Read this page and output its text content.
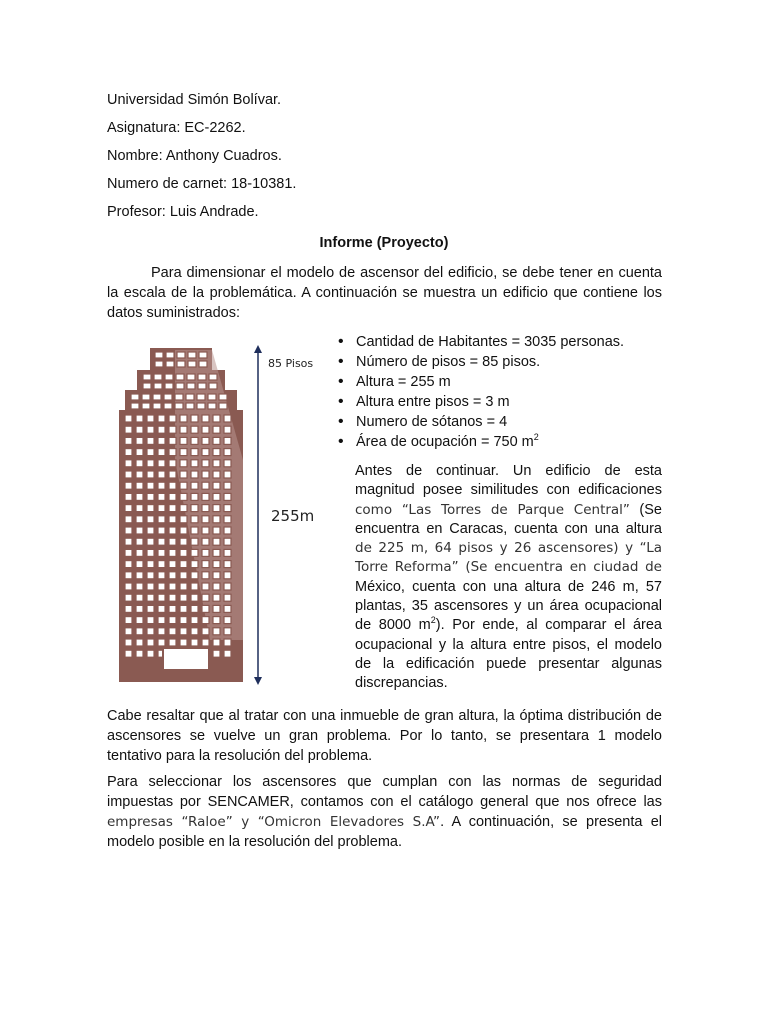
Universidad Simón Bolívar.
Asignatura: EC-2262.
Nombre: Anthony Cuadros.
Numero de carnet: 18-10381.
Profesor: Luis Andrade.
Informe (Proyecto)

Para dimensionar el modelo de ascensor del edificio, se debe tener en cuenta la escala de la problemática. A continuación se muestra un edificio que contiene los datos suministrados:

85 Pisos
255m
• Cantidad de Habitantes = 3035 personas.
• Número de pisos = 85 pisos.
• Altura = 255 m
• Altura entre pisos = 3 m
• Numero de sótanos = 4
• Área de ocupación = 750 $m^2$

Antes de continuar. Un edificio de esta magnitud posee similitudes con edificaciones como “Las Torres de Parque Central” (Se encuentra en Caracas, cuenta con una altura de 225 m, 64 pisos y 26 ascensores) y “La Torre Reforma” (Se encuentra en ciudad de México, cuenta con una altura de 246 m, 57 plantas, 35 ascensores y un área ocupacional de 8000 $m^2$). Por ende, al comparar el área ocupacional y la altura entre pisos, el modelo de la edificación puede presentar algunas discrepancias.

Cabe resaltar que al tratar con una inmueble de gran altura, la óptima distribución de ascensores se vuelve un gran problema. Por lo tanto, se presentara 1 modelo tentativo para la resolución del problema.

Para seleccionar los ascensores que cumplan con las normas de seguridad impuestas por SENCAMER, contamos con el catálogo general que nos ofrece las empresas “Raloe” y “Omicron Elevadores S.A”. A continuación, se presenta el modelo posible en la resolución del problema.
